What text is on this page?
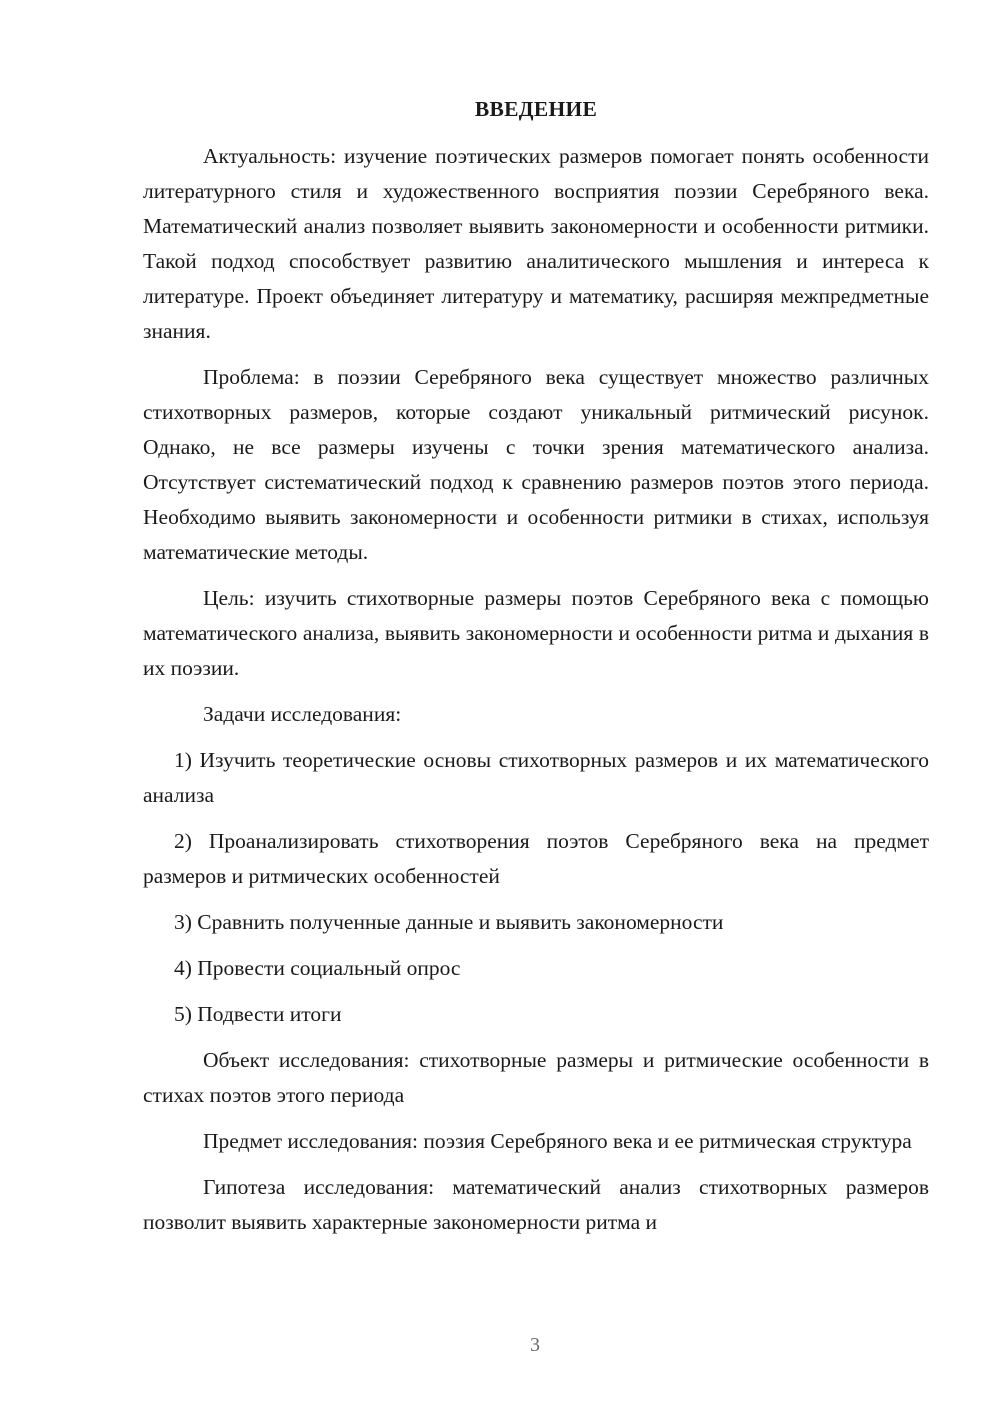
ВВЕДЕНИЕ

Актуальность: изучение поэтических размеров помогает понять особенности литературного стиля и художественного восприятия поэзии Серебряного века. Математический анализ позволяет выявить закономерности и особенности ритмики. Такой подход способствует развитию аналитического мышления и интереса к литературе. Проект объединяет литературу и математику, расширяя межпредметные знания.

Проблема: в поэзии Серебряного века существует множество различных стихотворных размеров, которые создают уникальный ритмический рисунок. Однако, не все размеры изучены с точки зрения математического анализа. Отсутствует систематический подход к сравнению размеров поэтов этого периода. Необходимо выявить закономерности и особенности ритмики в стихах, используя математические методы.

Цель: изучить стихотворные размеры поэтов Серебряного века с помощью математического анализа, выявить закономерности и особенности ритма и дыхания в их поэзии.

Задачи исследования:

1) Изучить теоретические основы стихотворных размеров и их математического анализа

2) Проанализировать стихотворения поэтов Серебряного века на предмет размеров и ритмических особенностей

3) Сравнить полученные данные и выявить закономерности

4) Провести социальный опрос

5) Подвести итоги

Объект исследования: стихотворные размеры и ритмические особенности в стихах поэтов этого периода

Предмет исследования: поэзия Серебряного века и ее ритмическая структура

Гипотеза исследования: математический анализ стихотворных размеров позволит выявить характерные закономерности ритма и

3
